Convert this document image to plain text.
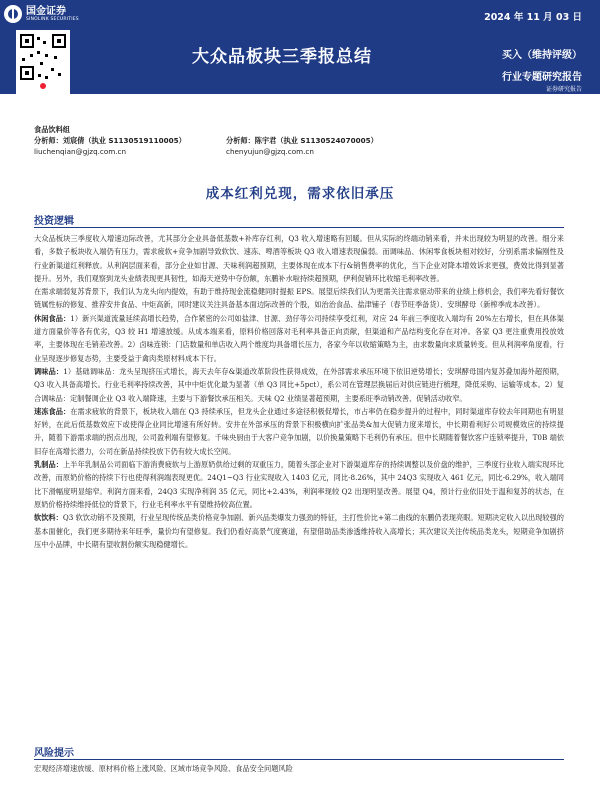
国金证券
SINOLINK SECURITIES	2024 年 11 月 03 日
大众品板块三季报总结	买入（维持评级）
行业专题研究报告
证券研究报告
食品饮料组
分析师：刘宸倩（执业 S1130519110005）
liuchenqian@gjzq.com.cn
分析师：陈宇君（执业 S1130524070005）
chenyujun@gjzq.com.cn
成本红利兑现，需求依旧承压
投资逻辑

大众品板块三季度收入增速边际改善，尤其部分企业具备低基数+补库存红利，Q3 收入增速略有回暖。但从实际的终端动销来看，并未出现较为明显的改善。细分来看，多数子板块收入端仍有压力，需求疲软+竞争加剧导致软饮、速冻、啤酒等板块 Q3 收入增速表现偏弱。而调味品、休闲零食板块相对较好，分别系需求偏刚性及行业新渠道红利释放。从利润层面来看，部分企业如甘源、天味利润超预期，主要体现在成本下行&销售费率的优化，当下企业对降本增效诉求更强，费效比得到显著提升。另外，我们观察到龙头业绩表现更具韧性，如海天逆势中夺份额，东鹏补水啦持续超预期，伊利促销环比收缩毛利率改善。

在需求端弱复苏背景下，我们认为龙头向内提效，有助于维持现金流稳健同时提振 EPS。展望后续我们认为更需关注需求驱动带来的业绩上修机会，我们率先看好餐饮链属性标的修复、推荐安井食品、中炬高新，同时建议关注具备基本面边际改善的个股，如治治食品、盐津铺子（春节旺季备货）、安琪酵母（新榨季成本改善）。

休闲食品：1）新兴渠道流量延续高增长趋势，合作紧密的公司如盐津、甘源、劲仔等公司持续享受红利，对应 24 年前三季度收入端均有 20%左右增长，但在具体渠道方面量价等各有优劣，Q3 较 H1 增速放缓。从成本端来看，原料价格回落对毛利率具备正向贡献，但渠道和产品结构变化存在对冲。各家 Q3 更注重费用投放效率，主要体现在毛销差改善。2）卤味连锁：门店数量和单店收入两个维度均具备增长压力，各家今年以收缩策略为主，由求数量向求质量转变。但从利润率角度看，行业呈现逐步修复态势，主要受益于禽肉类原材料成本下行。

调味品：1）基础调味品：龙头呈现挤压式增长，海天去年存&渠道改革阶段性获得成效，在外部需求承压环境下依旧逆势增长；安琪酵母国内复苏叠加海外超预期，Q3 收入具备高增长。行业毛利率持续改善，其中中炬优化最为显著（单 Q3 同比+5pct），系公司在管理层换届后对供应链进行梳理，降低采购、运输等成本。2）复合调味品：定制餐调企业 Q3 收入端降速，主要与下游餐饮承压相关。天味 Q2 业绩显著超预期，主要系旺季动销改善、促销活动收窄。

速冻食品：在需求疲软的背景下，板块收入端在 Q3 持续承压，但龙头企业通过多途径积极促增长，市占率仍在稳步提升的过程中，同时渠道库存较去年同期也有明显好转，在此后低基数效应下或使得企业同比增速有所好转。安井在外部承压的背景下积极横向扩张品类&加大促销力度来增长，中长期看利好公司规模效应的持续提升，随着下游需求端的拐点出现，公司盈利端有望修复。千味央厨由于大客户竞争加剧，以价换量策略下毛利仍有承压。但中长期随着餐饮客户连锁率提升，T0B 端依旧存在高增长潜力，公司在新品持续投放下仍有较大成长空间。

乳制品：上半年乳制品公司面临下游消费疲软与上游原奶供给过剩的双重压力，随着头部企业对下游渠道库存的持续调整以及价盘的维护，三季度行业收入端实现环比改善，而原奶价格的持续下行也使得利润端表现更优。24Q1~Q3 行业实现收入 1403 亿元，同比-8.26%，其中 24Q3 实现收入 461 亿元，同比-6.29%，收入端同比下滑幅度明显缩窄。利润方面来看，24Q3 实现净利润 35 亿元，同比+2.43%，利润率现较 Q2 出现明显改善。展望 Q4，预计行业依旧处于温和复苏的状态，在原奶价格持续维持低位的背景下，行业毛利率水平有望维持较高位置。

软饮料：Q3 软饮动销不及预期，行业呈现传统品类价格竞争加剧、新兴品类爆发力强劲的特征，主打性价比+第二曲线的东鹏仍表现亮眼。短期决定收入以出现较强的基本面催化，我们更多期待来年旺季，量价均有望修复。我们仍看好高景气度赛道，有望借助品类渗透维持收入高增长；其次建议关注传统品类龙头，短期竞争加剧挤压中小品牌，中长期有望收割份额实现稳健增长。

风险提示
宏观经济增速放缓、原材料价格上涨风险、区域市场竞争风险、食品安全问题风险
